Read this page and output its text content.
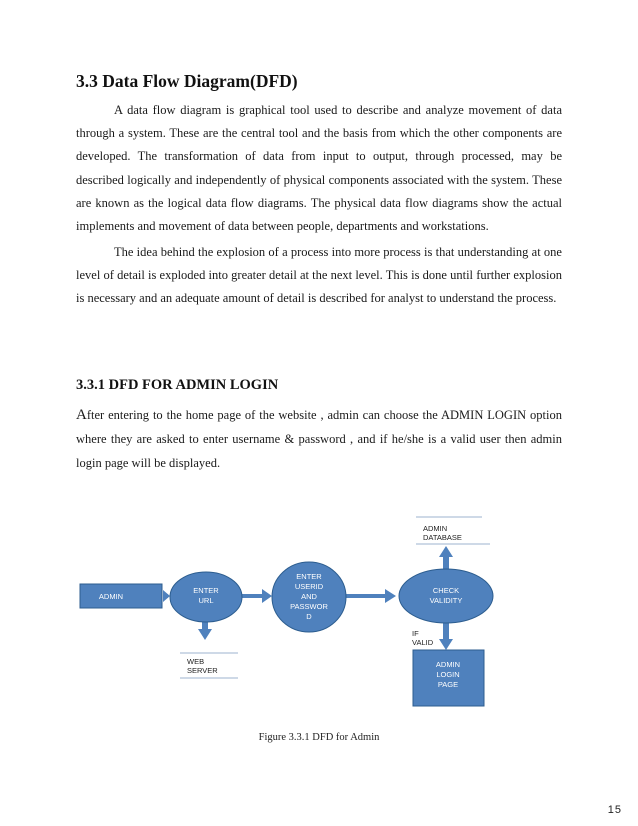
3.3 Data Flow Diagram(DFD)

A data flow diagram is graphical tool used to describe and analyze movement of data through a system. These are the central tool and the basis from which the other components are developed. The transformation of data from input to output, through processed, may be described logically and independently of physical components associated with the system. These are known as the logical data flow diagrams. The physical data flow diagrams show the actual implements and movement of data between people, departments and workstations.

The idea behind the explosion of a process into more process is that understanding at one level of detail is exploded into greater detail at the next level. This is done until further explosion is necessary and an adequate amount of detail is described for analyst to understand the process.

3.3.1 DFD FOR ADMIN LOGIN

After entering to the home page of the website , admin can choose the ADMIN LOGIN option where they are asked to enter username & password , and if he/she is a valid user then admin login page will be displayed.

ADMIN
DATABASE
WEB
SERVER
ADMIN
ENTER
URL
ENTER
USERID
AND
PASSWOR
D
CHECK
VALIDITY
IF
VALID
ADMIN
LOGIN
PAGE
Figure 3.3.1 DFD for Admin
15
